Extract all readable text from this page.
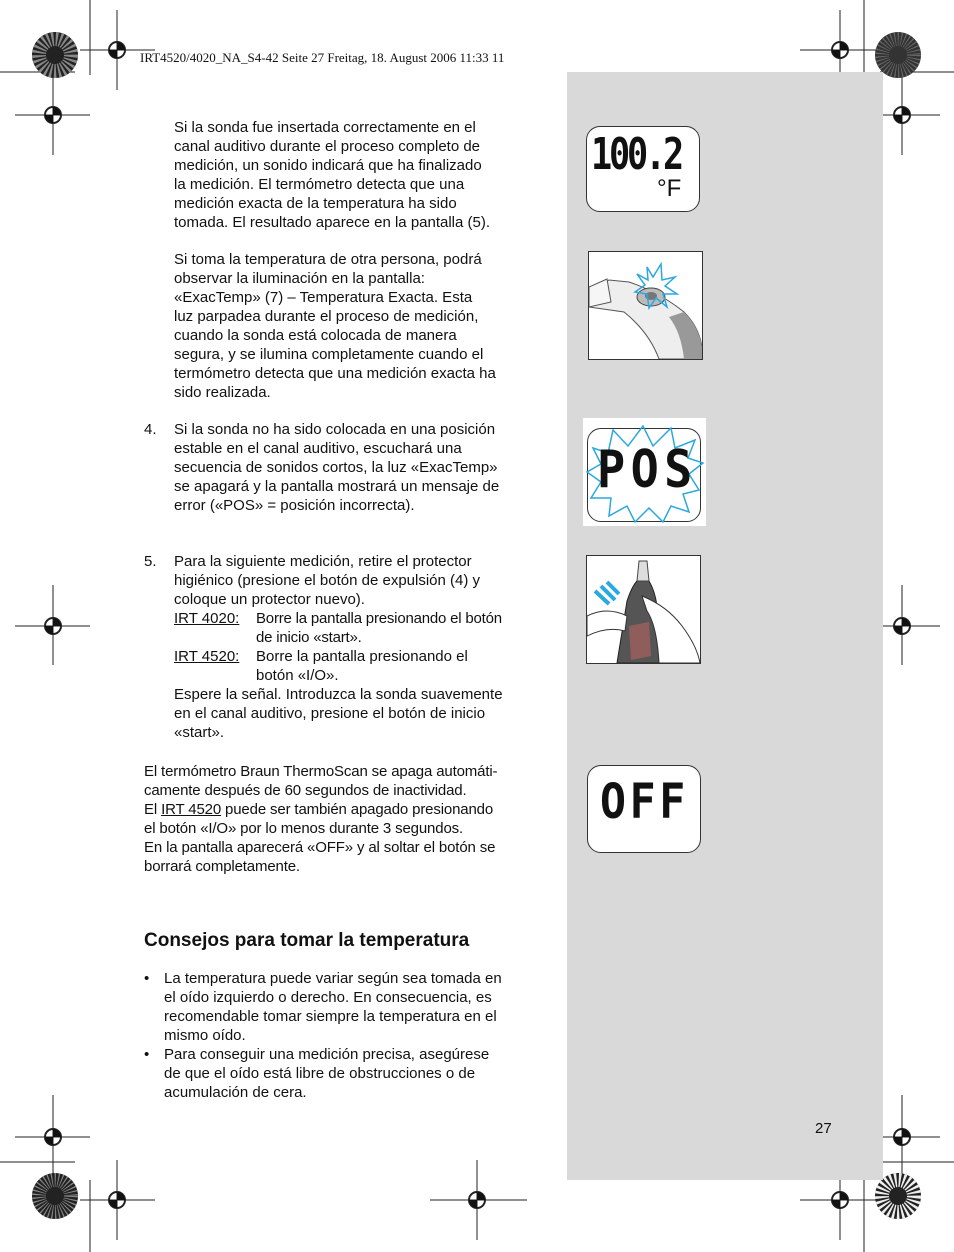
IRT4520/4020_NA_S4-42 Seite 27 Freitag, 18. August 2006 11:33 11

Si la sonda fue insertada correctamente en el

canal auditivo durante el proceso completo de

medición, un sonido indicará que ha finalizado

la medición. El termómetro detecta que una

medición exacta de la temperatura ha sido

tomada. El resultado aparece en la pantalla (5).

Si toma la temperatura de otra persona, podrá

observar la iluminación en la pantalla:

«ExacTemp» (7) – Temperatura Exacta. Esta

luz parpadea durante el proceso de medición,

cuando la sonda está colocada de manera

segura, y se ilumina completamente cuando el

termómetro detecta que una medición exacta ha

sido realizada.

4. Si la sonda no ha sido colocada en una posición

estable en el canal auditivo, escuchará una

secuencia de sonidos cortos, la luz «ExacTemp»

se apagará y la pantalla mostrará un mensaje de

error («POS» = posición incorrecta).

5. Para la siguiente medición, retire el protector

higiénico (presione el botón de expulsión (4) y

coloque un protector nuevo).

IRT 4020: Borre la pantalla presionando el botón

de inicio «start».

IRT 4520: Borre la pantalla presionando el

botón «I/O».

Espere la señal. Introduzca la sonda suavemente

en el canal auditivo, presione el botón de inicio

«start».

El termómetro Braun ThermoScan se apaga automáti-

camente después de 60 segundos de inactividad.

El IRT 4520 puede ser también apagado presionando

el botón «I/O» por lo menos durante 3 segundos.

En la pantalla aparecerá «OFF» y al soltar el botón se

borrará completamente.

Consejos para tomar la temperatura
• La temperatura puede variar según sea tomada en
el oído izquierdo o derecho. En consecuencia, es
recomendable tomar siempre la temperatura en el
mismo oído.
• Para conseguir una medición precisa, asegúrese
de que el oído está libre de obstrucciones o de
acumulación de cera.
100.2
°F
POS
OFF
27
